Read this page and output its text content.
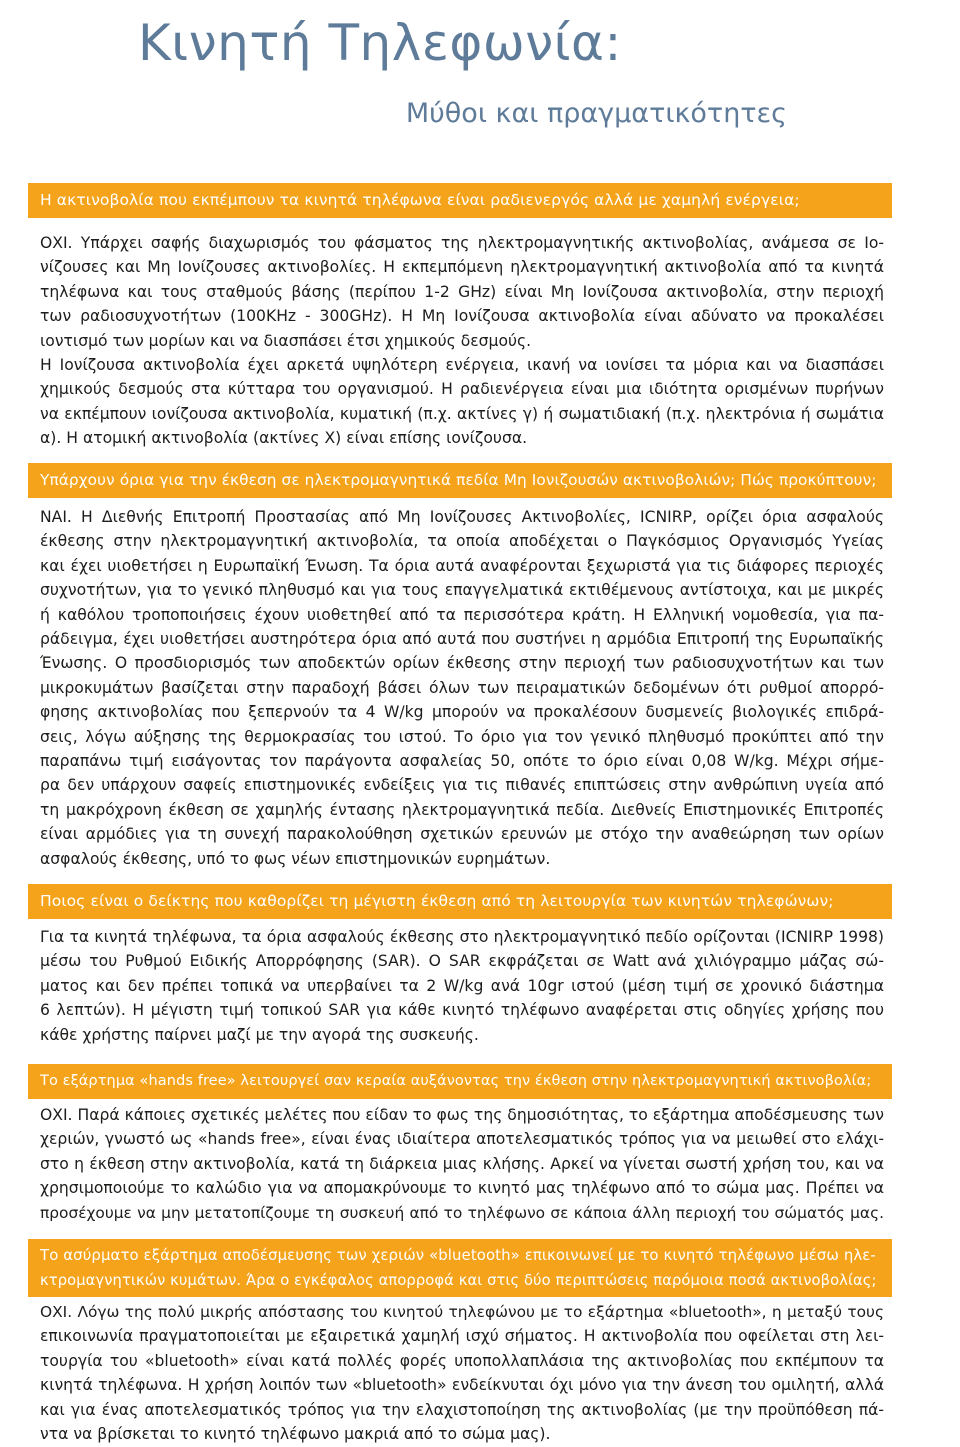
Κινητή Τηλεφωνία:
Μύθοι και πραγματικότητες
Η ακτινοβολία που εκπέμπουν τα κινητά τηλέφωνα είναι ραδιενεργός αλλά με χαμηλή ενέργεια;
ΟΧΙ. Υπάρχει σαφής διαχωρισμός του φάσματος της ηλεκτρομαγνητικής ακτινοβολίας, ανάμεσα σε Ιο-
νίζουσες και Μη Ιονίζουσες ακτινοβολίες. Η εκπεμπόμενη ηλεκτρομαγνητική ακτινοβολία από τα κινητά
τηλέφωνα και τους σταθμούς βάσης (περίπου 1-2 GHz) είναι Μη Ιονίζουσα ακτινοβολία, στην περιοχή
των ραδιοσυχνοτήτων (100KHz - 300GHz). Η Μη Ιονίζουσα ακτινοβολία είναι αδύνατο να προκαλέσει
ιοντισμό των μορίων και να διασπάσει έτσι χημικούς δεσμούς.
Η Ιονίζουσα ακτινοβολία έχει αρκετά υψηλότερη ενέργεια, ικανή να ιονίσει τα μόρια και να διασπάσει
χημικούς δεσμούς στα κύτταρα του οργανισμού. Η ραδιενέργεια είναι μια ιδιότητα ορισμένων πυρήνων
να εκπέμπουν ιονίζουσα ακτινοβολία, κυματική (π.χ. ακτίνες γ) ή σωματιδιακή (π.χ. ηλεκτρόνια ή σωμάτια
α). Η ατομική ακτινοβολία (ακτίνες Χ) είναι επίσης ιονίζουσα.
Υπάρχουν όρια για την έκθεση σε ηλεκτρομαγνητικά πεδία Μη Ιονιζουσών ακτινοβολιών; Πώς προκύπτουν;
ΝΑΙ. Η Διεθνής Επιτροπή Προστασίας από Μη Ιονίζουσες Ακτινοβολίες, ICNIRP, ορίζει όρια ασφαλούς
έκθεσης στην ηλεκτρομαγνητική ακτινοβολία, τα οποία αποδέχεται ο Παγκόσμιος Οργανισμός Υγείας
και έχει υιοθετήσει η Ευρωπαϊκή Ένωση. Τα όρια αυτά αναφέρονται ξεχωριστά για τις διάφορες περιοχές
συχνοτήτων, για το γενικό πληθυσμό και για τους επαγγελματικά εκτιθέμενους αντίστοιχα, και με μικρές
ή καθόλου τροποποιήσεις έχουν υιοθετηθεί από τα περισσότερα κράτη. Η Ελληνική νομοθεσία, για πα-
ράδειγμα, έχει υιοθετήσει αυστηρότερα όρια από αυτά που συστήνει η αρμόδια Επιτροπή της Ευρωπαϊκής
Ένωσης. Ο προσδιορισμός των αποδεκτών ορίων έκθεσης στην περιοχή των ραδιοσυχνοτήτων και των
μικροκυμάτων βασίζεται στην παραδοχή βάσει όλων των πειραματικών δεδομένων ότι ρυθμοί απορρό-
φησης ακτινοβολίας που ξεπερνούν τα 4 W/kg μπορούν να προκαλέσουν δυσμενείς βιολογικές επιδρά-
σεις, λόγω αύξησης της θερμοκρασίας του ιστού. Το όριο για τον γενικό πληθυσμό προκύπτει από την
παραπάνω τιμή εισάγοντας τον παράγοντα ασφαλείας 50, οπότε το όριο είναι 0,08 W/kg. Μέχρι σήμε-
ρα δεν υπάρχουν σαφείς επιστημονικές ενδείξεις για τις πιθανές επιπτώσεις στην ανθρώπινη υγεία από
τη μακρόχρονη έκθεση σε χαμηλής έντασης ηλεκτρομαγνητικά πεδία. Διεθνείς Επιστημονικές Επιτροπές
είναι αρμόδιες για τη συνεχή παρακολούθηση σχετικών ερευνών με στόχο την αναθεώρηση των ορίων
ασφαλούς έκθεσης, υπό το φως νέων επιστημονικών ευρημάτων.
Ποιος είναι ο δείκτης που καθορίζει τη μέγιστη έκθεση από τη λειτουργία των κινητών τηλεφώνων;
Για τα κινητά τηλέφωνα, τα όρια ασφαλούς έκθεσης στο ηλεκτρομαγνητικό πεδίο ορίζονται (ICNIRP 1998)
μέσω του Ρυθμού Ειδικής Απορρόφησης (SAR). Ο SAR εκφράζεται σε Watt ανά χιλιόγραμμο μάζας σώ-
ματος και δεν πρέπει τοπικά να υπερβαίνει τα 2 W/kg ανά 10gr ιστού (μέση τιμή σε χρονικό διάστημα
6 λεπτών). Η μέγιστη τιμή τοπικού SAR για κάθε κινητό τηλέφωνο αναφέρεται στις οδηγίες χρήσης που
κάθε χρήστης παίρνει μαζί με την αγορά της συσκευής.
Το εξάρτημα «hands free» λειτουργεί σαν κεραία αυξάνοντας την έκθεση στην ηλεκτρομαγνητική ακτινοβολία;
ΟΧΙ. Παρά κάποιες σχετικές μελέτες που είδαν το φως της δημοσιότητας, το εξάρτημα αποδέσμευσης των
χεριών, γνωστό ως «hands free», είναι ένας ιδιαίτερα αποτελεσματικός τρόπος για να μειωθεί στο ελάχι-
στο η έκθεση στην ακτινοβολία, κατά τη διάρκεια μιας κλήσης. Αρκεί να γίνεται σωστή χρήση του, και να
χρησιμοποιούμε το καλώδιο για να απομακρύνουμε το κινητό μας τηλέφωνο από το σώμα μας. Πρέπει να
προσέχουμε να μην μετατοπίζουμε τη συσκευή από το τηλέφωνο σε κάποια άλλη περιοχή του σώματός μας.
Το ασύρματο εξάρτημα αποδέσμευσης των χεριών «bluetooth» επικοινωνεί με το κινητό τηλέφωνο μέσω ηλε-
κτρομαγνητικών κυμάτων. Άρα ο εγκέφαλος απορροφά και στις δύο περιπτώσεις παρόμοια ποσά ακτινοβολίας;
ΟΧΙ. Λόγω της πολύ μικρής απόστασης του κινητού τηλεφώνου με το εξάρτημα «bluetooth», η μεταξύ τους
επικοινωνία πραγματοποιείται με εξαιρετικά χαμηλή ισχύ σήματος. Η ακτινοβολία που οφείλεται στη λει-
τουργία του «bluetooth» είναι κατά πολλές φορές υποπολλαπλάσια της ακτινοβολίας που εκπέμπουν τα
κινητά τηλέφωνα. Η χρήση λοιπόν των «bluetooth» ενδείκνυται όχι μόνο για την άνεση του ομιλητή, αλλά
και για ένας αποτελεσματικός τρόπος για την ελαχιστοποίηση της ακτινοβολίας (με την προϋπόθεση πά-
ντα να βρίσκεται το κινητό τηλέφωνο μακριά από το σώμα μας).
